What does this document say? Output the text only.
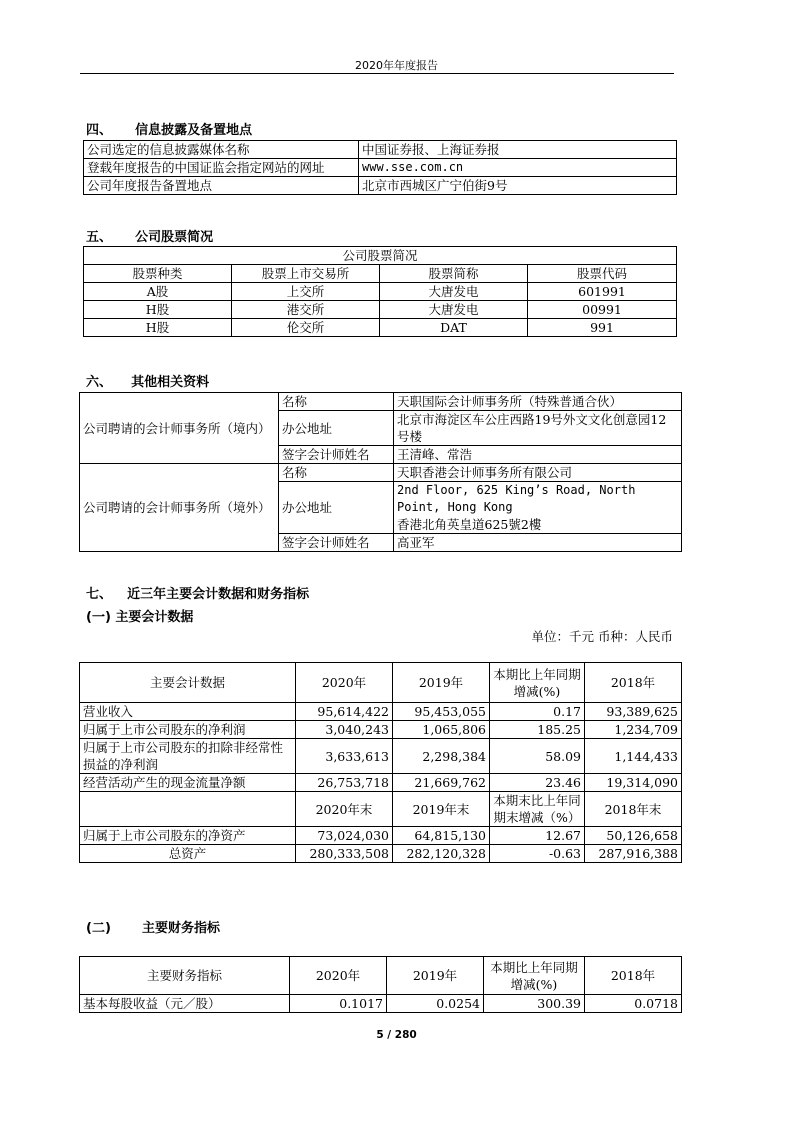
2020年年度报告
四、 信息披露及备置地点
公司选定的信息披露媒体名称	中国证券报、上海证券报
登载年度报告的中国证监会指定网站的网址	www.sse.com.cn
公司年度报告备置地点	北京市西城区广宁伯街9号
五、 公司股票简况
公司股票简况			
股票种类	股票上市交易所	股票简称	股票代码
A股	上交所	大唐发电	601991
H股	港交所	大唐发电	00991
H股	伦交所	DAT	991
六、 其他相关资料
公司聘请的会计师事务所（境内）	名称	天职国际会计师事务所（特殊普通合伙）
	办公地址	北京市海淀区车公庄西路19号外文文化创意园12号楼
	签字会计师姓名	王清峰、常浩
公司聘请的会计师事务所（境外）	名称	天职香港会计师事务所有限公司
	办公地址	2nd Floor, 625 King’s Road, North Point, Hong Kong
香港北角英皇道625號2樓

	签字会计师姓名	高亚军
七、 近三年主要会计数据和财务指标
(一) 主要会计数据
单位：千元 币种：人民币
主要会计数据	2020年	2019年	本期比上年同期增减(%)	2018年
营业收入	95,614,422	95,453,055	0.17	93,389,625
归属于上市公司股东的净利润	3,040,243	1,065,806	185.25	1,234,709
归属于上市公司股东的扣除非经常性损益的净利润	3,633,613	2,298,384	58.09	1,144,433
经营活动产生的现金流量净额	26,753,718	21,669,762	23.46	19,314,090
	2020年末	2019年末	本期末比上年同期末增减（%）	2018年末
归属于上市公司股东的净资产	73,024,030	64,815,130	12.67	50,126,658
总资产	280,333,508	282,120,328	-0.63	287,916,388
(二) 主要财务指标
主要财务指标	2020年	2019年	本期比上年同期增减(%)	2018年
基本每股收益（元／股）	0.1017	0.0254	300.39	0.0718
5 / 280
